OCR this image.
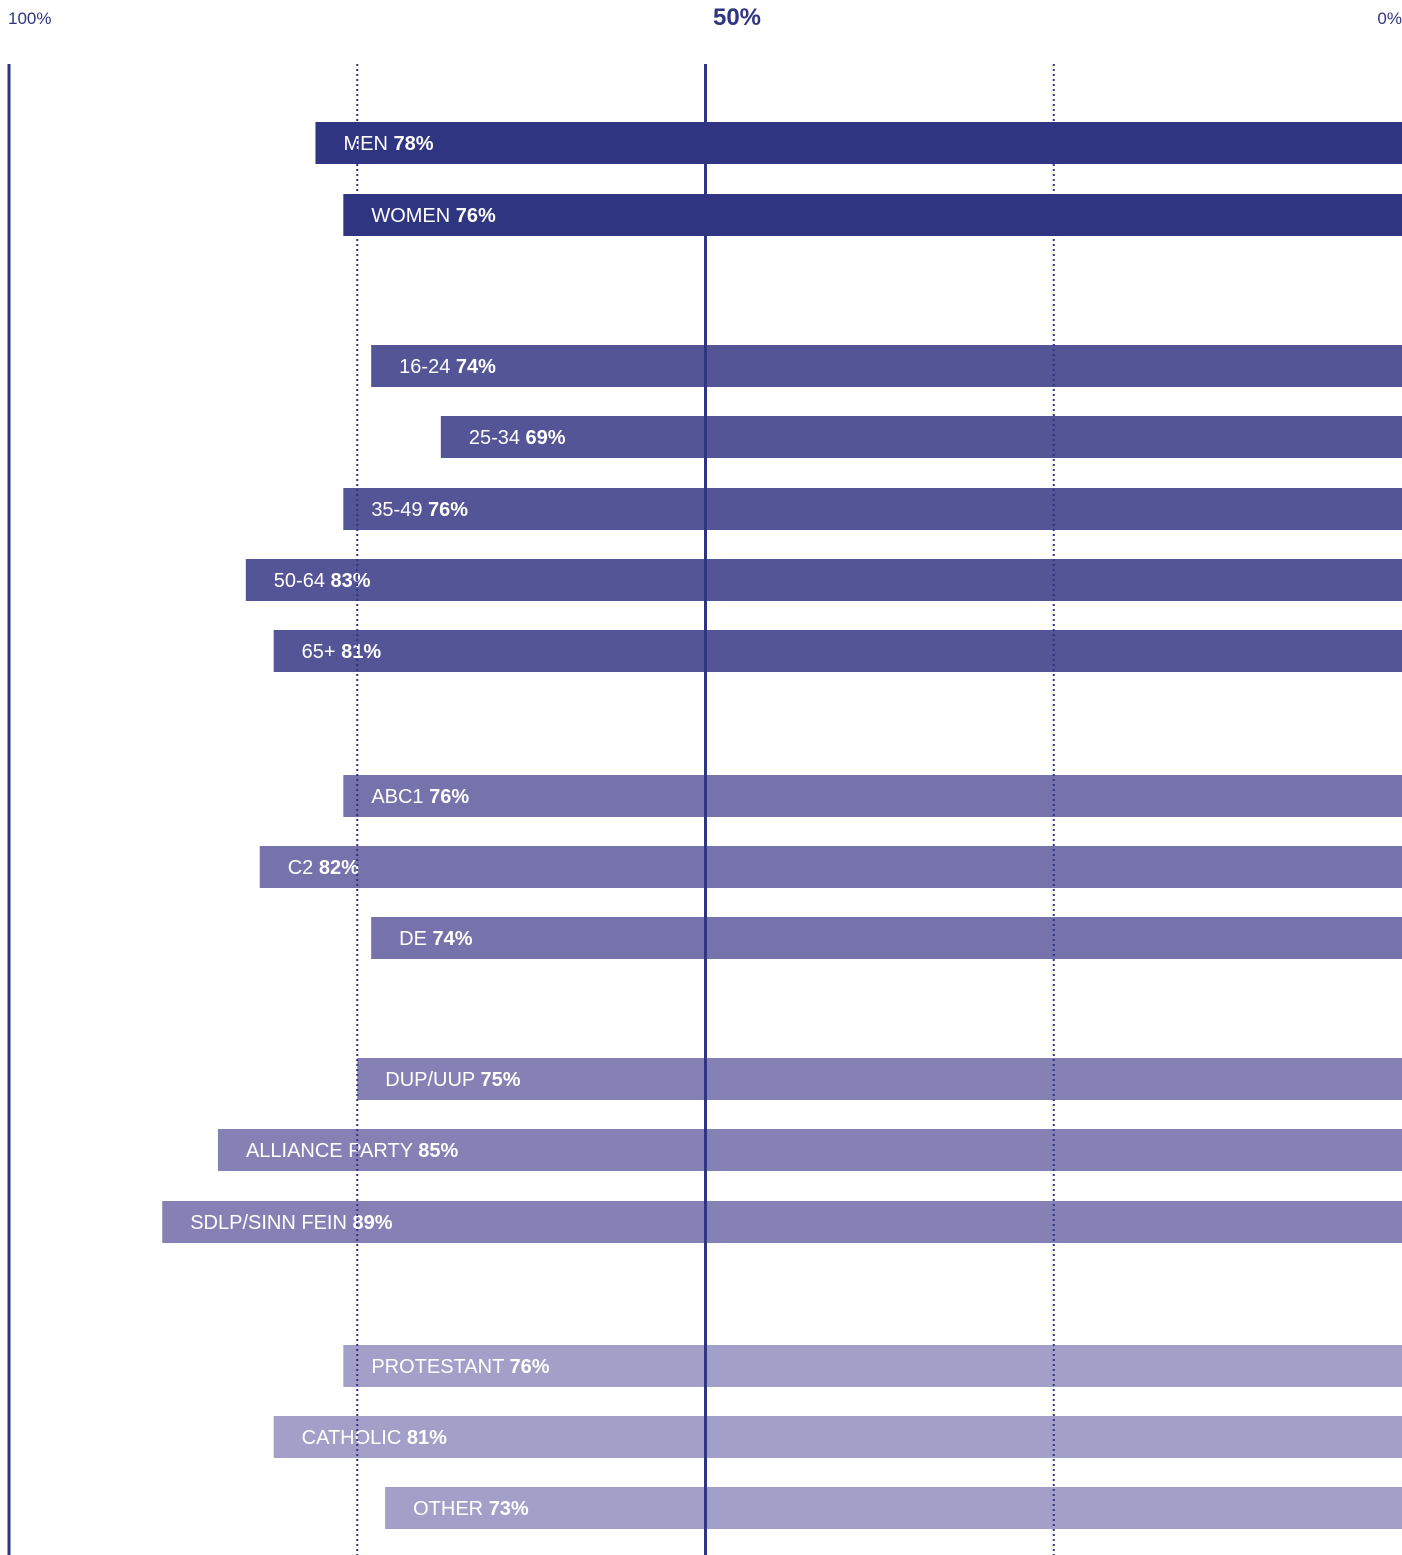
100%	50%	0%
MEN 78%
WOMEN 76%
16-24 74%
25-34 69%
35-49 76%
50-64 83%
65+ 81%
ABC1 76%
C2 82%
DE 74%
DUP/UUP 75%
ALLIANCE PARTY 85%
SDLP/SINN FEIN 89%
PROTESTANT 76%
CATHOLIC 81%
OTHER 73%
